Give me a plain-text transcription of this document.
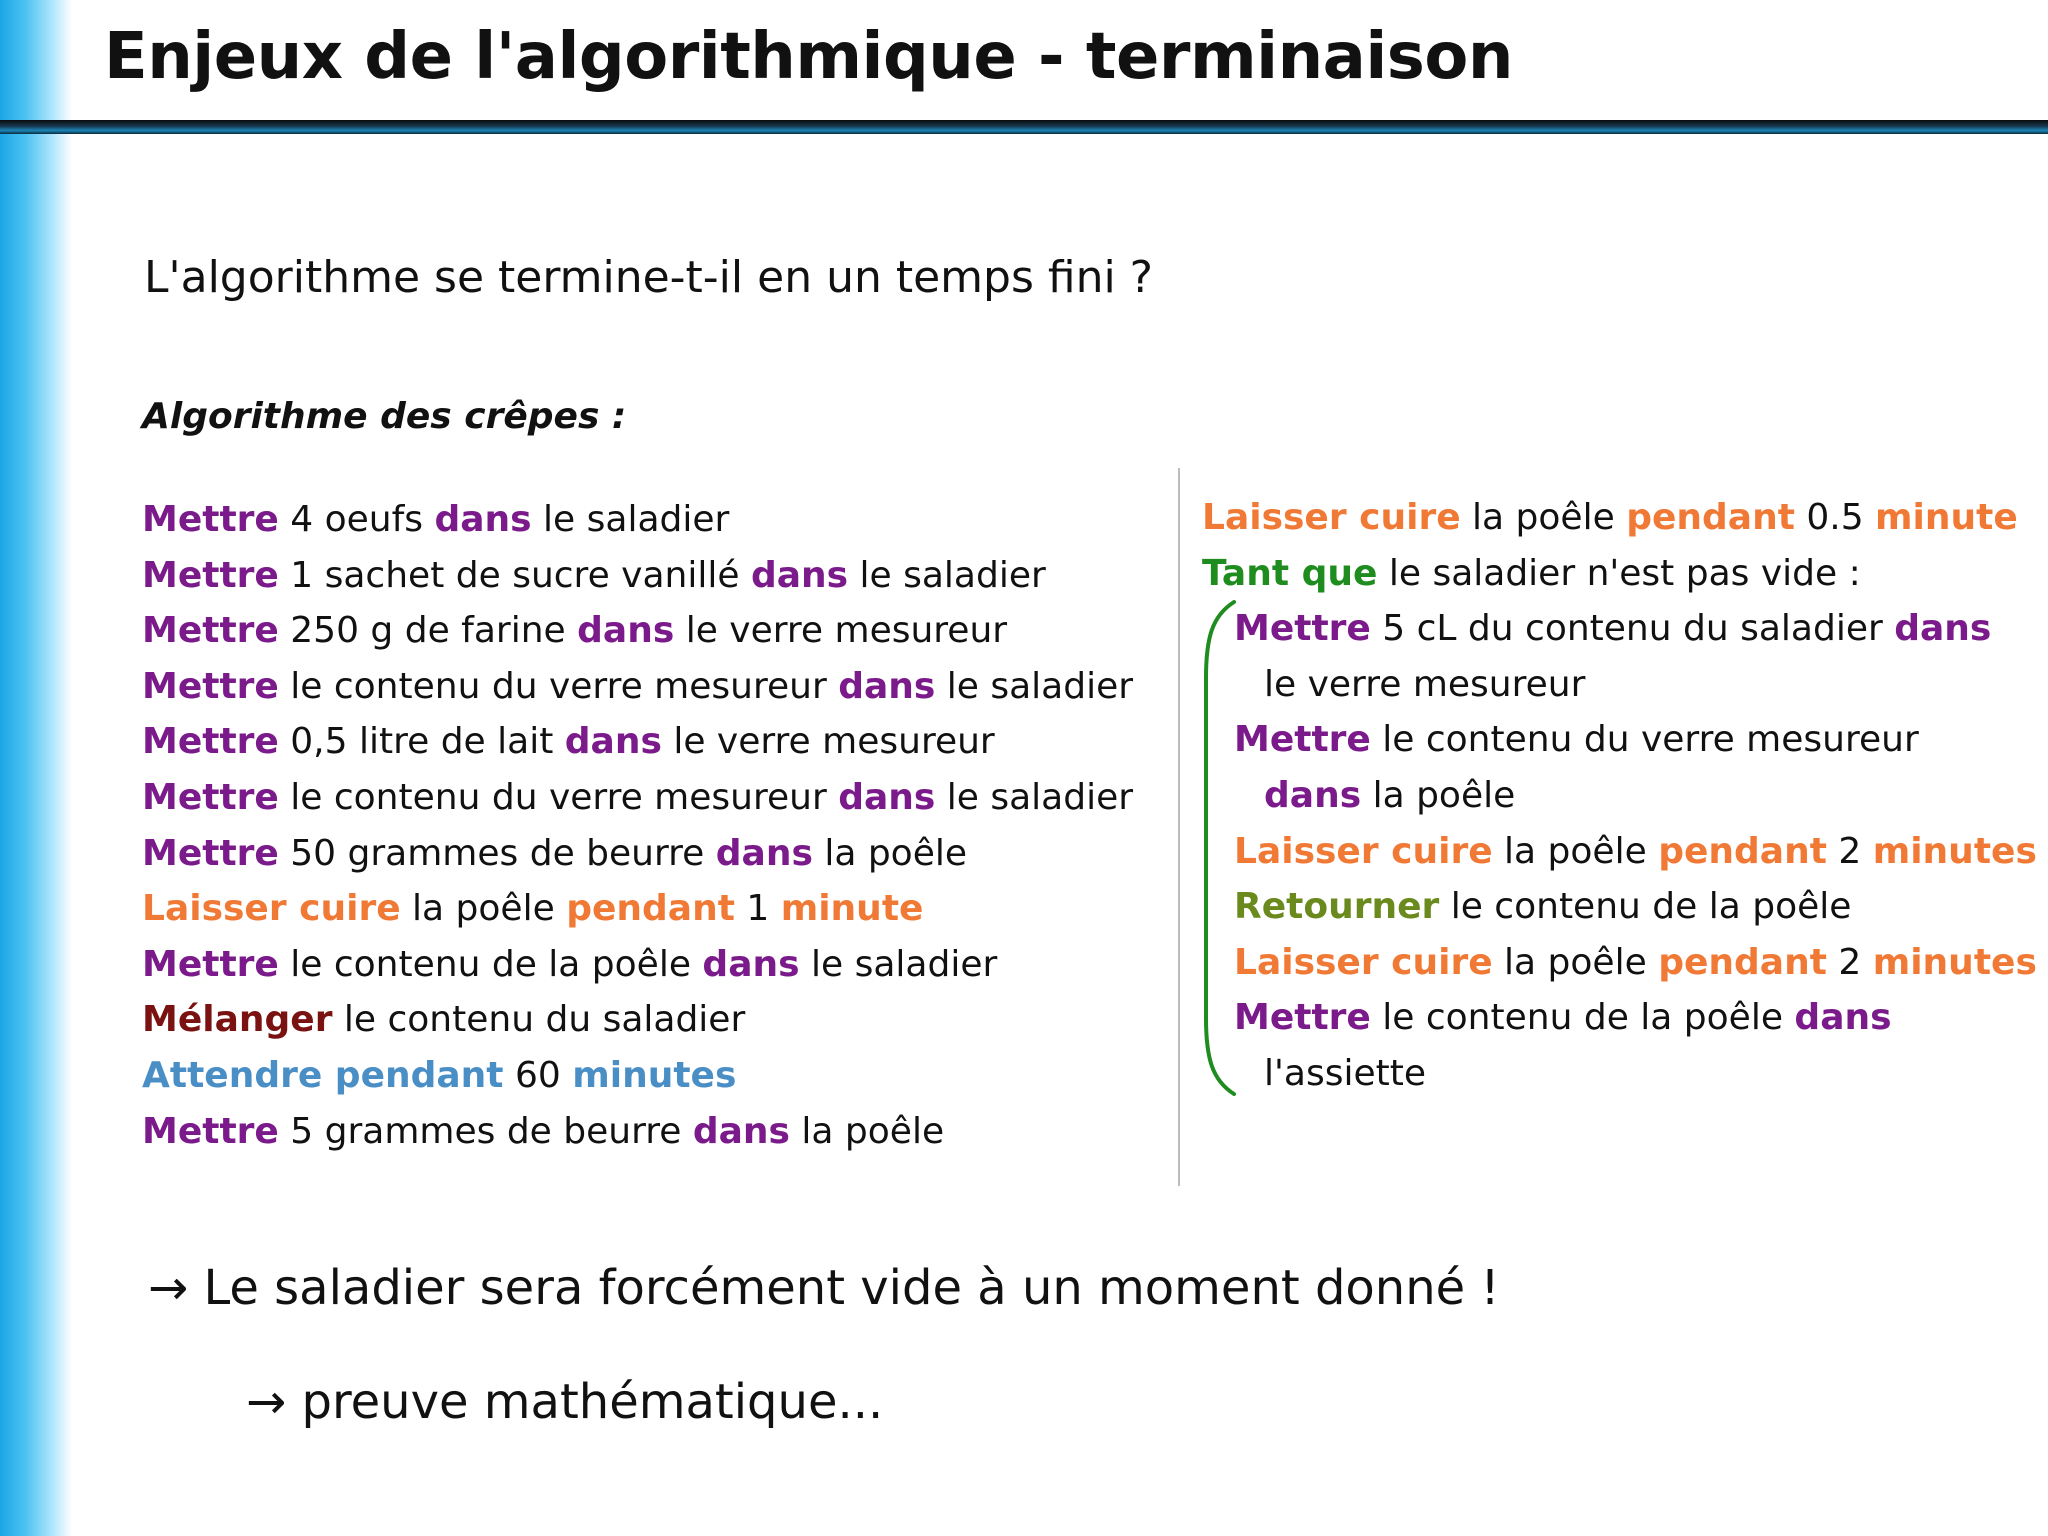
Enjeux de l'algorithmique - terminaison
L'algorithme se termine-t-il en un temps fini ?
Algorithme des crêpes :
Mettre 4 oeufs dans le saladier
Mettre 1 sachet de sucre vanillé dans le saladier
Mettre 250 g de farine dans le verre mesureur
Mettre le contenu du verre mesureur dans le saladier
Mettre 0,5 litre de lait dans le verre mesureur
Mettre le contenu du verre mesureur dans le saladier
Mettre 50 grammes de beurre dans la poêle
Laisser cuire la poêle pendant 1 minute
Mettre le contenu de la poêle dans le saladier
Mélanger le contenu du saladier
Attendre pendant 60 minutes
Mettre 5 grammes de beurre dans la poêle
Laisser cuire la poêle pendant 0.5 minute
Tant que le saladier n'est pas vide :
Mettre 5 cL du contenu du saladier dans
le verre mesureur
Mettre le contenu du verre mesureur
dans la poêle
Laisser cuire la poêle pendant 2 minutes
Retourner le contenu de la poêle
Laisser cuire la poêle pendant 2 minutes
Mettre le contenu de la poêle dans
l'assiette
→ Le saladier sera forcément vide à un moment donné !
→ preuve mathématique...
